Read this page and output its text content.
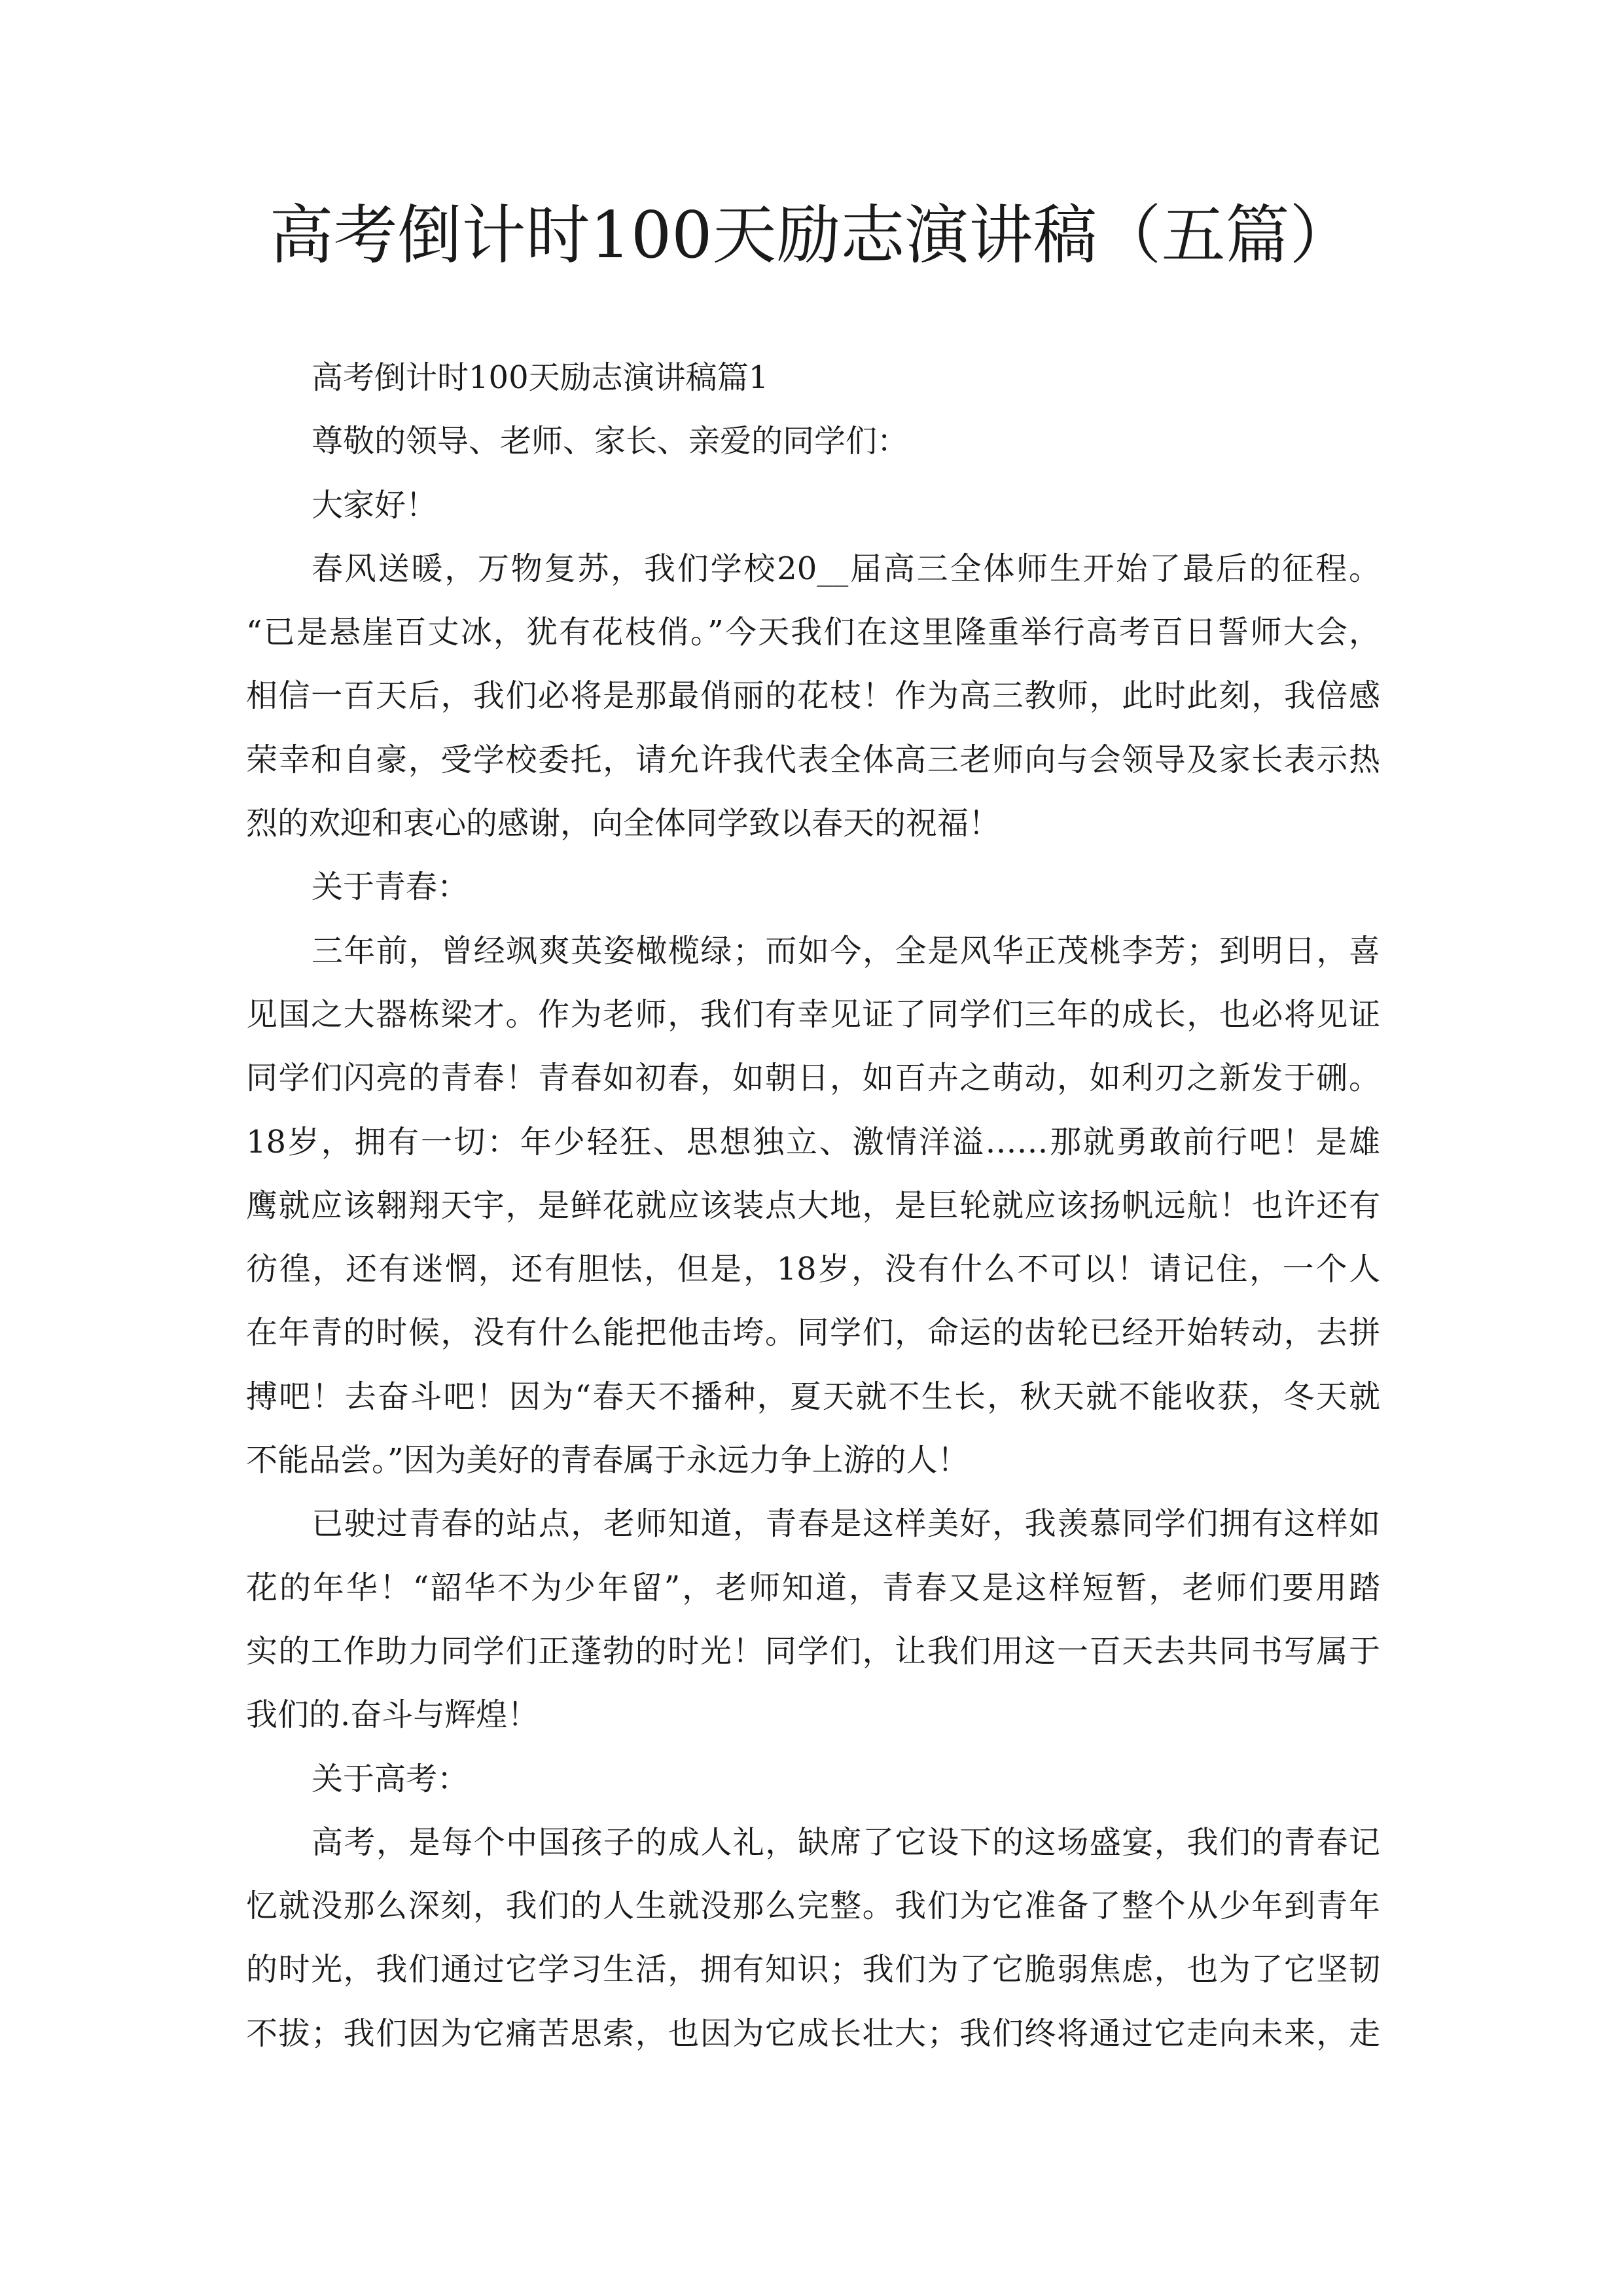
高考倒计时100天励志演讲稿（五篇）
高考倒计时100天励志演讲稿篇1
尊敬的领导、老师、家长、亲爱的同学们：
大家好！
春风送暖，万物复苏，我们学校20__届高三全体师生开始了最后的征程。
“已是悬崖百丈冰，犹有花枝俏。”今天我们在这里隆重举行高考百日誓师大会，
相信一百天后，我们必将是那最俏丽的花枝！作为高三教师，此时此刻，我倍感
荣幸和自豪，受学校委托，请允许我代表全体高三老师向与会领导及家长表示热
烈的欢迎和衷心的感谢，向全体同学致以春天的祝福！
关于青春：
三年前，曾经飒爽英姿橄榄绿；而如今，全是风华正茂桃李芳；到明日，喜
见国之大器栋梁才。作为老师，我们有幸见证了同学们三年的成长，也必将见证
同学们闪亮的青春！青春如初春，如朝日，如百卉之萌动，如利刃之新发于硎。
18岁，拥有一切：年少轻狂、思想独立、激情洋溢……那就勇敢前行吧！是雄
鹰就应该翱翔天宇，是鲜花就应该装点大地，是巨轮就应该扬帆远航！也许还有
彷徨，还有迷惘，还有胆怯，但是，18岁，没有什么不可以！请记住，一个人
在年青的时候，没有什么能把他击垮。同学们，命运的齿轮已经开始转动，去拼
搏吧！去奋斗吧！因为“春天不播种，夏天就不生长，秋天就不能收获，冬天就
不能品尝。”因为美好的青春属于永远力争上游的人！
已驶过青春的站点，老师知道，青春是这样美好，我羡慕同学们拥有这样如
花的年华！“韶华不为少年留”，老师知道，青春又是这样短暂，老师们要用踏
实的工作助力同学们正蓬勃的时光！同学们，让我们用这一百天去共同书写属于
我们的.奋斗与辉煌！
关于高考：
高考，是每个中国孩子的成人礼，缺席了它设下的这场盛宴，我们的青春记
忆就没那么深刻，我们的人生就没那么完整。我们为它准备了整个从少年到青年
的时光，我们通过它学习生活，拥有知识；我们为了它脆弱焦虑，也为了它坚韧
不拔；我们因为它痛苦思索，也因为它成长壮大；我们终将通过它走向未来，走
